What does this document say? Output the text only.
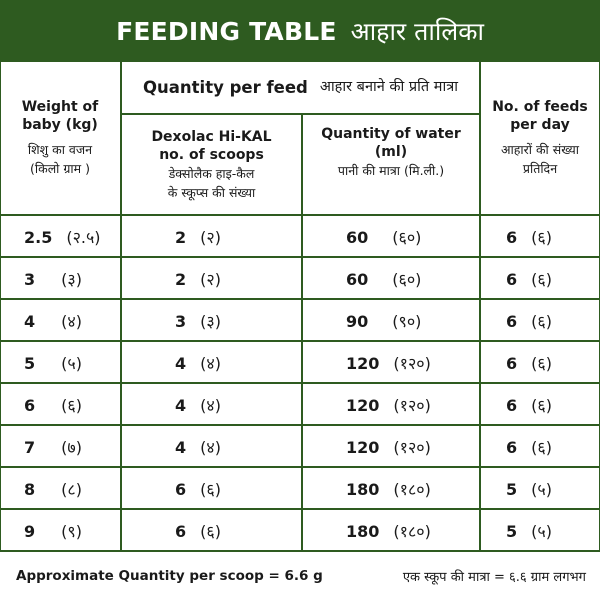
FEEDING TABLE आहार तालिका
Weight of
baby (kg)
शिशु का वजन
(किलो ग्राम )
Quantity per feed आहार बनाने की प्रति मात्रा
Dexolac Hi-KAL
no. of scoops
डेक्सोलैक हाइ-कैल
के स्कूप्स की संख्या
Quantity of water
(ml)
पानी की मात्रा (मि.ली.)
No. of feeds
per day
आहारों की संख्या
प्रतिदिन
2.5 (२.५)	2 (२)	60 (६०)	6 (६)
3 (३)	2 (२)	60 (६०)	6 (६)
4 (४)	3 (३)	90 (९०)	6 (६)
5 (५)	4 (४)	120 (१२०)	6 (६)
6 (६)	4 (४)	120 (१२०)	6 (६)
7 (७)	4 (४)	120 (१२०)	6 (६)
8 (८)	6 (६)	180 (१८०)	5 (५)
9 (९)	6 (६)	180 (१८०)	5 (५)
Approximate Quantity per scoop = 6.6 g	एक स्कूप की मात्रा = ६.६ ग्राम लगभग
